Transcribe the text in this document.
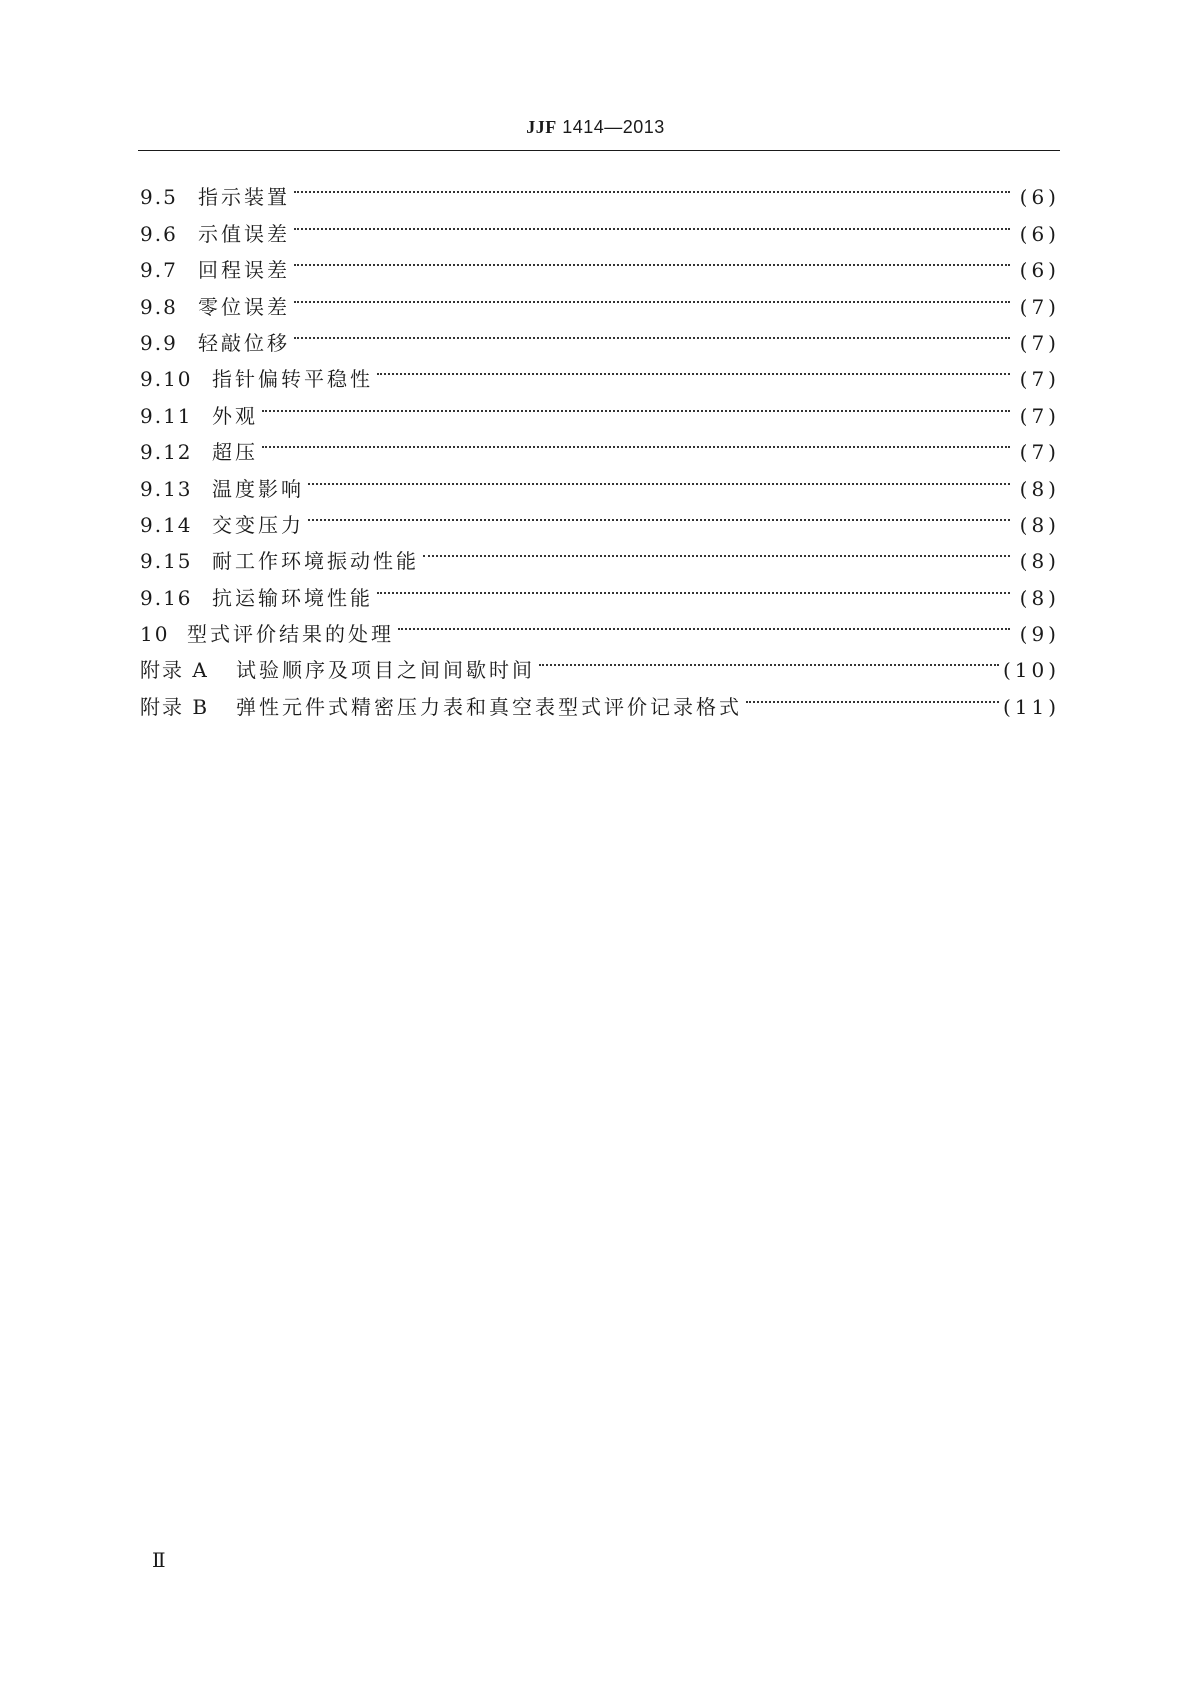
JJF 1414—2013
9.5	指示装置	(6)
9.6	示值误差	(6)
9.7	回程误差	(6)
9.8	零位误差	(7)
9.9	轻敲位移	(7)
9.10 指针偏转平稳性	(7)
9.11 外观	(7)
9.12 超压	(7)
9.13 温度影响	(8)
9.14 交变压力	(8)
9.15 耐工作环境振动性能	(8)
9.16 抗运输环境性能	(8)
10 型式评价结果的处理	(9)
附录 A	试验顺序及项目之间间歇时间	(10)
附录 B	弹性元件式精密压力表和真空表型式评价记录格式	(11)
Ⅱ
